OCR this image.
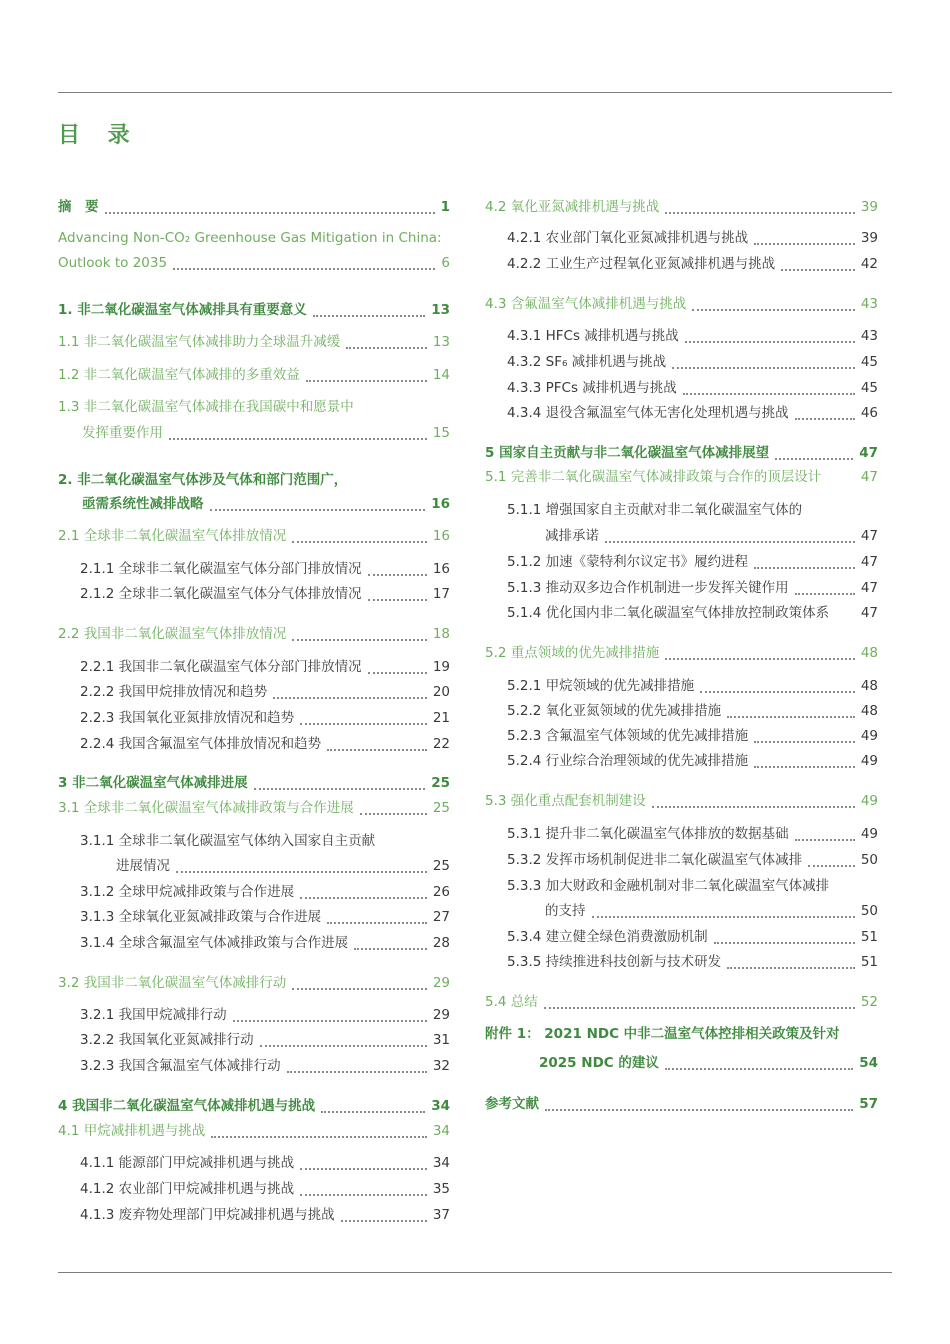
目 录
摘　要	1
Advancing Non-CO₂ Greenhouse Gas Mitigation in China:
Outlook to 2035	6
1. 非二氧化碳温室气体减排具有重要意义	13
1.1 非二氧化碳温室气体减排助力全球温升减缓	13
1.2 非二氧化碳温室气体减排的多重效益	14
1.3 非二氧化碳温室气体减排在我国碳中和愿景中
发挥重要作用	15
2. 非二氧化碳温室气体涉及气体和部门范围广，
亟需系统性减排战略	16
2.1 全球非二氧化碳温室气体排放情况	16
2.1.1 全球非二氧化碳温室气体分部门排放情况	16
2.1.2 全球非二氧化碳温室气体分气体排放情况	17
2.2 我国非二氧化碳温室气体排放情况	18
2.2.1 我国非二氧化碳温室气体分部门排放情况	19
2.2.2 我国甲烷排放情况和趋势	20
2.2.3 我国氧化亚氮排放情况和趋势	21
2.2.4 我国含氟温室气体排放情况和趋势	22
3 非二氧化碳温室气体减排进展	25
3.1 全球非二氧化碳温室气体减排政策与合作进展	25
3.1.1 全球非二氧化碳温室气体纳入国家自主贡献
进展情况	25
3.1.2 全球甲烷减排政策与合作进展	26
3.1.3 全球氧化亚氮减排政策与合作进展	27
3.1.4 全球含氟温室气体减排政策与合作进展	28
3.2 我国非二氧化碳温室气体减排行动	29
3.2.1 我国甲烷减排行动	29
3.2.2 我国氧化亚氮减排行动	31
3.2.3 我国含氟温室气体减排行动	32
4 我国非二氧化碳温室气体减排机遇与挑战	34
4.1 甲烷减排机遇与挑战	34
4.1.1 能源部门甲烷减排机遇与挑战	34
4.1.2 农业部门甲烷减排机遇与挑战	35
4.1.3 废弃物处理部门甲烷减排机遇与挑战	37
4.2 氧化亚氮减排机遇与挑战	39
4.2.1 农业部门氧化亚氮减排机遇与挑战	39
4.2.2 工业生产过程氧化亚氮减排机遇与挑战	42
4.3 含氟温室气体减排机遇与挑战	43
4.3.1 HFCs 减排机遇与挑战	43
4.3.2 SF₆ 减排机遇与挑战	45
4.3.3 PFCs 减排机遇与挑战	45
4.3.4 退役含氟温室气体无害化处理机遇与挑战	46
5 国家自主贡献与非二氧化碳温室气体减排展望	47
5.1 完善非二氧化碳温室气体减排政策与合作的顶层设计	47
5.1.1 增强国家自主贡献对非二氧化碳温室气体的
减排承诺	47
5.1.2 加速《蒙特利尔议定书》履约进程	47
5.1.3 推动双多边合作机制进一步发挥关键作用	47
5.1.4 优化国内非二氧化碳温室气体排放控制政策体系 47
5.2 重点领域的优先减排措施	48
5.2.1 甲烷领域的优先减排措施	48
5.2.2 氧化亚氮领域的优先减排措施	48
5.2.3 含氟温室气体领域的优先减排措施	49
5.2.4 行业综合治理领域的优先减排措施	49
5.3 强化重点配套机制建设	49
5.3.1 提升非二氧化碳温室气体排放的数据基础	49
5.3.2 发挥市场机制促进非二氧化碳温室气体减排	50
5.3.3 加大财政和金融机制对非二氧化碳温室气体减排
的支持	50
5.3.4 建立健全绿色消费激励机制	51
5.3.5 持续推进科技创新与技术研发	51
5.4 总结	52
附件 1： 2021 NDC 中非二温室气体控排相关政策及针对
2025 NDC 的建议	54
参考文献	57
